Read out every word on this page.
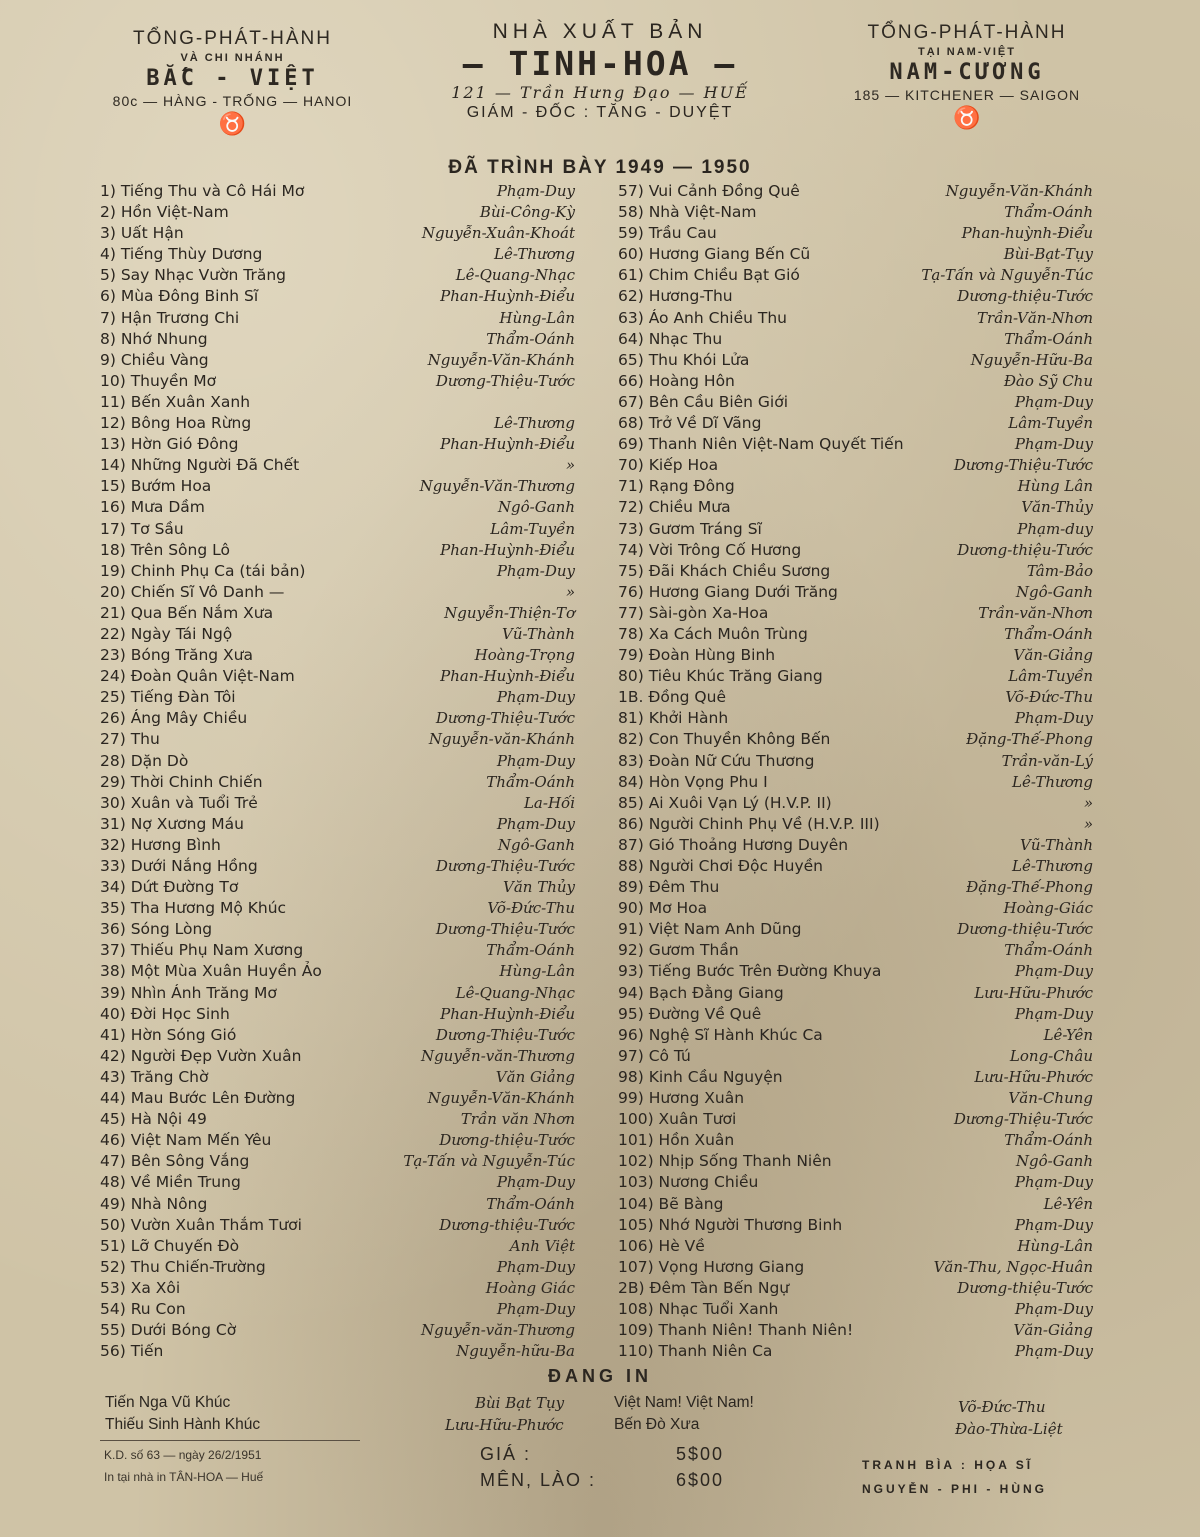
TỔNG-PHÁT-HÀNH
VÀ CHI NHÁNH
BẮC - VIỆT
80c — HÀNG - TRỐNG — HANOI
♉
NHÀ XUẤT BẢN
— TINH-HOA —
121 — Trần Hưng Đạo — HUẾ
GIÁM - ĐỐC : TĂNG - DUYỆT
TỔNG-PHÁT-HÀNH
TẠI NAM-VIỆT
NAM-CƯƠNG
185 — KITCHENER — SAIGON
♉
ĐÃ TRÌNH BÀY 1949 — 1950
1) Tiếng Thu và Cô Hái Mơ	Phạm-Duy
2) Hồn Việt-Nam	Bùi-Công-Kỳ
3) Uất Hận	Nguyễn-Xuân-Khoát
4) Tiếng Thùy Dương	Lê-Thương
5) Say Nhạc Vườn Trăng	Lê-Quang-Nhạc
6) Mùa Đông Binh Sĩ	Phan-Huỳnh-Điểu
7) Hận Trương Chi	Hùng-Lân
8) Nhớ Nhung	Thẩm-Oánh
9) Chiều Vàng	Nguyễn-Văn-Khánh
10) Thuyền Mơ	Dương-Thiệu-Tước
11) Bến Xuân Xanh
12) Bông Hoa Rừng	Lê-Thương
13) Hờn Gió Đông	Phan-Huỳnh-Điểu
14) Những Người Đã Chết	»
15) Bướm Hoa	Nguyễn-Văn-Thương
16) Mưa Dầm	Ngô-Ganh
17) Tơ Sầu	Lâm-Tuyền
18) Trên Sông Lô	Phan-Huỳnh-Điểu
19) Chinh Phụ Ca (tái bản)	Phạm-Duy
20) Chiến Sĩ Vô Danh —	»
21) Qua Bến Nắm Xưa	Nguyễn-Thiện-Tơ
22) Ngày Tái Ngộ	Vũ-Thành
23) Bóng Trăng Xưa	Hoàng-Trọng
24) Đoàn Quân Việt-Nam	Phan-Huỳnh-Điểu
25) Tiếng Đàn Tôi	Phạm-Duy
26) Áng Mây Chiều	Dương-Thiệu-Tước
27) Thu	Nguyễn-văn-Khánh
28) Dặn Dò	Phạm-Duy
29) Thời Chinh Chiến	Thẩm-Oánh
30) Xuân và Tuổi Trẻ	La-Hối
31) Nợ Xương Máu	Phạm-Duy
32) Hương Bình	Ngô-Ganh
33) Dưới Nắng Hồng	Dương-Thiệu-Tước
34) Dứt Đường Tơ	Văn Thủy
35) Tha Hương Mộ Khúc	Võ-Đức-Thu
36) Sóng Lòng	Dương-Thiệu-Tước
37) Thiếu Phụ Nam Xương	Thẩm-Oánh
38) Một Mùa Xuân Huyền Ảo	Hùng-Lân
39) Nhìn Ánh Trăng Mơ	Lê-Quang-Nhạc
40) Đời Học Sinh	Phan-Huỳnh-Điểu
41) Hờn Sóng Gió	Dương-Thiệu-Tước
42) Người Đẹp Vườn Xuân	Nguyễn-văn-Thương
43) Trăng Chờ	Văn Giảng
44) Mau Bước Lên Đường	Nguyễn-Văn-Khánh
45) Hà Nội 49	Trần văn Nhơn
46) Việt Nam Mến Yêu	Dương-thiệu-Tước
47) Bên Sông Vắng	Tạ-Tấn và Nguyễn-Túc
48) Về Miền Trung	Phạm-Duy
49) Nhà Nông	Thẩm-Oánh
50) Vườn Xuân Thắm Tươi	Dương-thiệu-Tước
51) Lỡ Chuyến Đò	Anh Việt
52) Thu Chiến-Trường	Phạm-Duy
53) Xa Xôi	Hoàng Giác
54) Ru Con	Phạm-Duy
55) Dưới Bóng Cờ	Nguyễn-văn-Thương
56) Tiến	Nguyễn-hữu-Ba
57) Vui Cảnh Đồng Quê	Nguyễn-Văn-Khánh
58) Nhà Việt-Nam	Thẩm-Oánh
59) Trầu Cau	Phan-huỳnh-Điểu
60) Hương Giang Bến Cũ	Bùi-Bạt-Tụy
61) Chim Chiều Bạt Gió	Tạ-Tấn và Nguyễn-Túc
62) Hương-Thu	Dương-thiệu-Tước
63) Áo Anh Chiều Thu	Trần-Văn-Nhơn
64) Nhạc Thu	Thẩm-Oánh
65) Thu Khói Lửa	Nguyễn-Hữu-Ba
66) Hoàng Hôn	Đào Sỹ Chu
67) Bên Cầu Biên Giới	Phạm-Duy
68) Trở Về Dĩ Vãng	Lâm-Tuyền
69) Thanh Niên Việt-Nam Quyết Tiến	Phạm-Duy
70) Kiếp Hoa	Dương-Thiệu-Tước
71) Rạng Đông	Hùng Lân
72) Chiều Mưa	Văn-Thủy
73) Gươm Tráng Sĩ	Phạm-duy
74) Vời Trông Cố Hương	Dương-thiệu-Tước
75) Đãi Khách Chiều Sương	Tâm-Bảo
76) Hương Giang Dưới Trăng	Ngô-Ganh
77) Sài-gòn Xa-Hoa	Trần-văn-Nhơn
78) Xa Cách Muôn Trùng	Thẩm-Oánh
79) Đoàn Hùng Binh	Văn-Giảng
80) Tiêu Khúc Trăng Giang	Lâm-Tuyền
1B. Đồng Quê	Võ-Đức-Thu
81) Khởi Hành	Phạm-Duy
82) Con Thuyền Không Bến	Đặng-Thế-Phong
83) Đoàn Nữ Cứu Thương	Trần-văn-Lý
84) Hòn Vọng Phu I	Lê-Thương
85) Ai Xuôi Vạn Lý (H.V.P. II)	»
86) Người Chinh Phụ Về (H.V.P. III)	»
87) Gió Thoảng Hương Duyên	Vũ-Thành
88) Người Chơi Độc Huyền	Lê-Thương
89) Đêm Thu	Đặng-Thế-Phong
90) Mơ Hoa	Hoàng-Giác
91) Việt Nam Anh Dũng	Dương-thiệu-Tước
92) Gươm Thần	Thẩm-Oánh
93) Tiếng Bước Trên Đường Khuya	Phạm-Duy
94) Bạch Đằng Giang	Lưu-Hữu-Phước
95) Đường Về Quê	Phạm-Duy
96) Nghệ Sĩ Hành Khúc Ca	Lê-Yên
97) Cô Tú	Long-Châu
98) Kinh Cầu Nguyện	Lưu-Hữu-Phước
99) Hương Xuân	Văn-Chung
100) Xuân Tươi	Dương-Thiệu-Tước
101) Hồn Xuân	Thẩm-Oánh
102) Nhịp Sống Thanh Niên	Ngô-Ganh
103) Nương Chiều	Phạm-Duy
104) Bẽ Bàng	Lê-Yên
105) Nhớ Người Thương Binh	Phạm-Duy
106) Hè Về	Hùng-Lân
107) Vọng Hương Giang	Văn-Thu, Ngọc-Huân
2B) Đêm Tàn Bến Ngự	Dương-thiệu-Tước
108) Nhạc Tuổi Xanh	Phạm-Duy
109) Thanh Niên! Thanh Niên!	Văn-Giảng
110) Thanh Niên Ca	Phạm-Duy
ĐANG IN
Tiến Nga Vũ Khúc	Bùi Bạt Tụy
Thiếu Sinh Hành Khúc	Lưu-Hữu-Phước
Việt Nam! Việt Nam!	Võ-Đức-Thu
Bến Đò Xưa	Đào-Thừa-Liệt
K.D. số 63 — ngày 26/2/1951
In tại nhà in TÂN-HOA — Huế
GIÁ :	5$00
MÊN, LÀO :	6$00
TRANH BÌA : HỌA SĨ
NGUYỄN - PHI - HÙNG
